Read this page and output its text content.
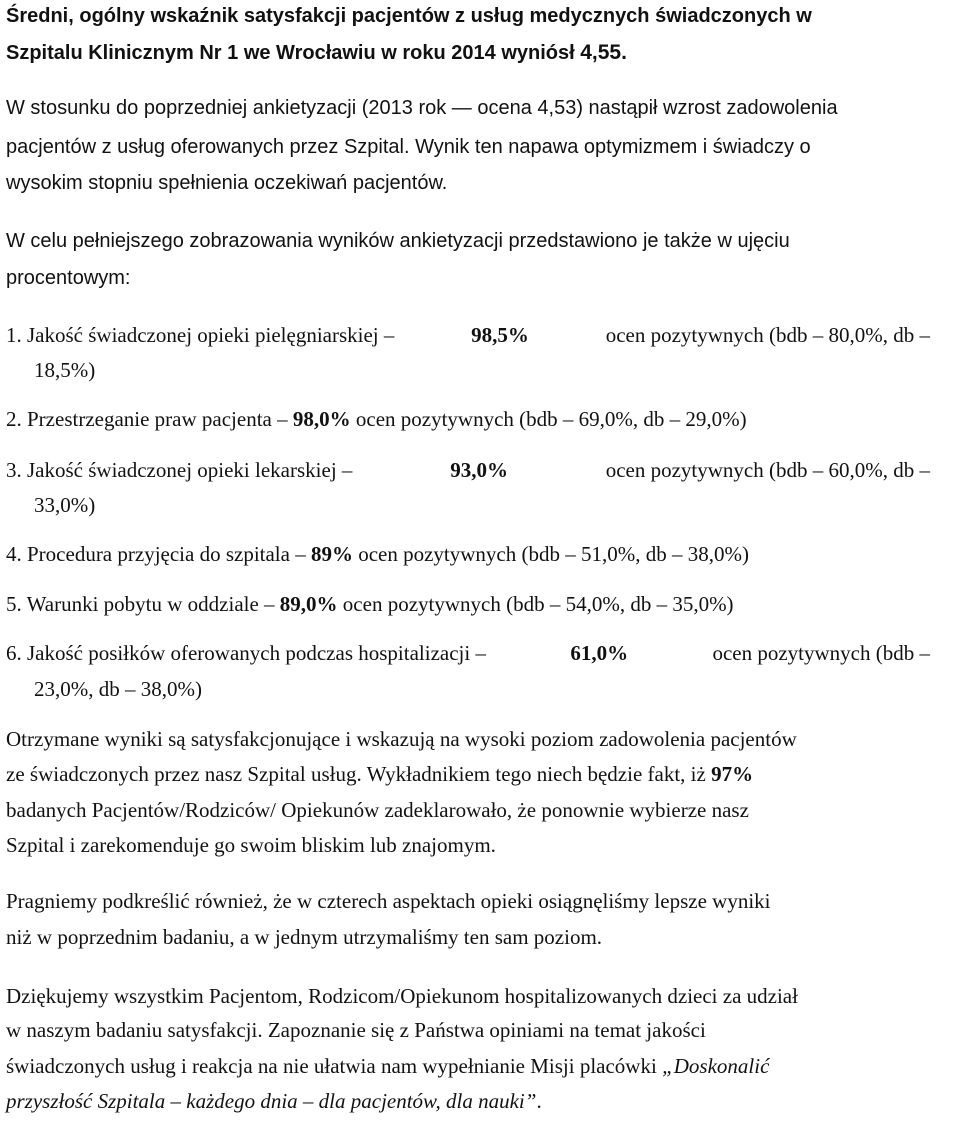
Średni, ogólny wskaźnik satysfakcji pacjentów z usług medycznych świadczonych w
Szpitalu Klinicznym Nr 1 we Wrocławiu w roku 2014 wyniósł 4,55.
W stosunku do poprzedniej ankietyzacji (2013 rok — ocena 4,53) nastąpił wzrost zadowolenia
pacjentów z usług oferowanych przez Szpital. Wynik ten napawa optymizmem i świadczy o
wysokim stopniu spełnienia oczekiwań pacjentów.
W celu pełniejszego zobrazowania wyników ankietyzacji przedstawiono je także w ujęciu
procentowym:
1. Jakość świadczonej opieki pielęgniarskiej –	98,5%	ocen pozytywnych (bdb – 80,0%, db –
18,5%)
2. Przestrzeganie praw pacjenta – 98,0% ocen pozytywnych (bdb – 69,0%, db – 29,0%)
3. Jakość świadczonej opieki lekarskiej –	93,0%	ocen pozytywnych (bdb – 60,0%, db –
33,0%)
4. Procedura przyjęcia do szpitala – 89% ocen pozytywnych (bdb – 51,0%, db – 38,0%)
5. Warunki pobytu w oddziale – 89,0% ocen pozytywnych (bdb – 54,0%, db – 35,0%)
6. Jakość posiłków oferowanych podczas hospitalizacji –	61,0%	ocen pozytywnych (bdb –
23,0%, db – 38,0%)
Otrzymane wyniki są satysfakcjonujące i wskazują na wysoki poziom zadowolenia pacjentów
ze świadczonych przez nasz Szpital usług. Wykładnikiem tego niech będzie fakt, iż 97%
badanych Pacjentów/Rodziców/ Opiekunów zadeklarowało, że ponownie wybierze nasz
Szpital i zarekomenduje go swoim bliskim lub znajomym.
Pragniemy podkreślić również, że w czterech aspektach opieki osiągnęliśmy lepsze wyniki
niż w poprzednim badaniu, a w jednym utrzymaliśmy ten sam poziom.
Dziękujemy wszystkim Pacjentom, Rodzicom/Opiekunom hospitalizowanych dzieci za udział
w naszym badaniu satysfakcji. Zapoznanie się z Państwa opiniami na temat jakości
świadczonych usług i reakcja na nie ułatwia nam wypełnianie Misji placówki „Doskonalić
przyszłość Szpitala – każdego dnia – dla pacjentów, dla nauki”.
